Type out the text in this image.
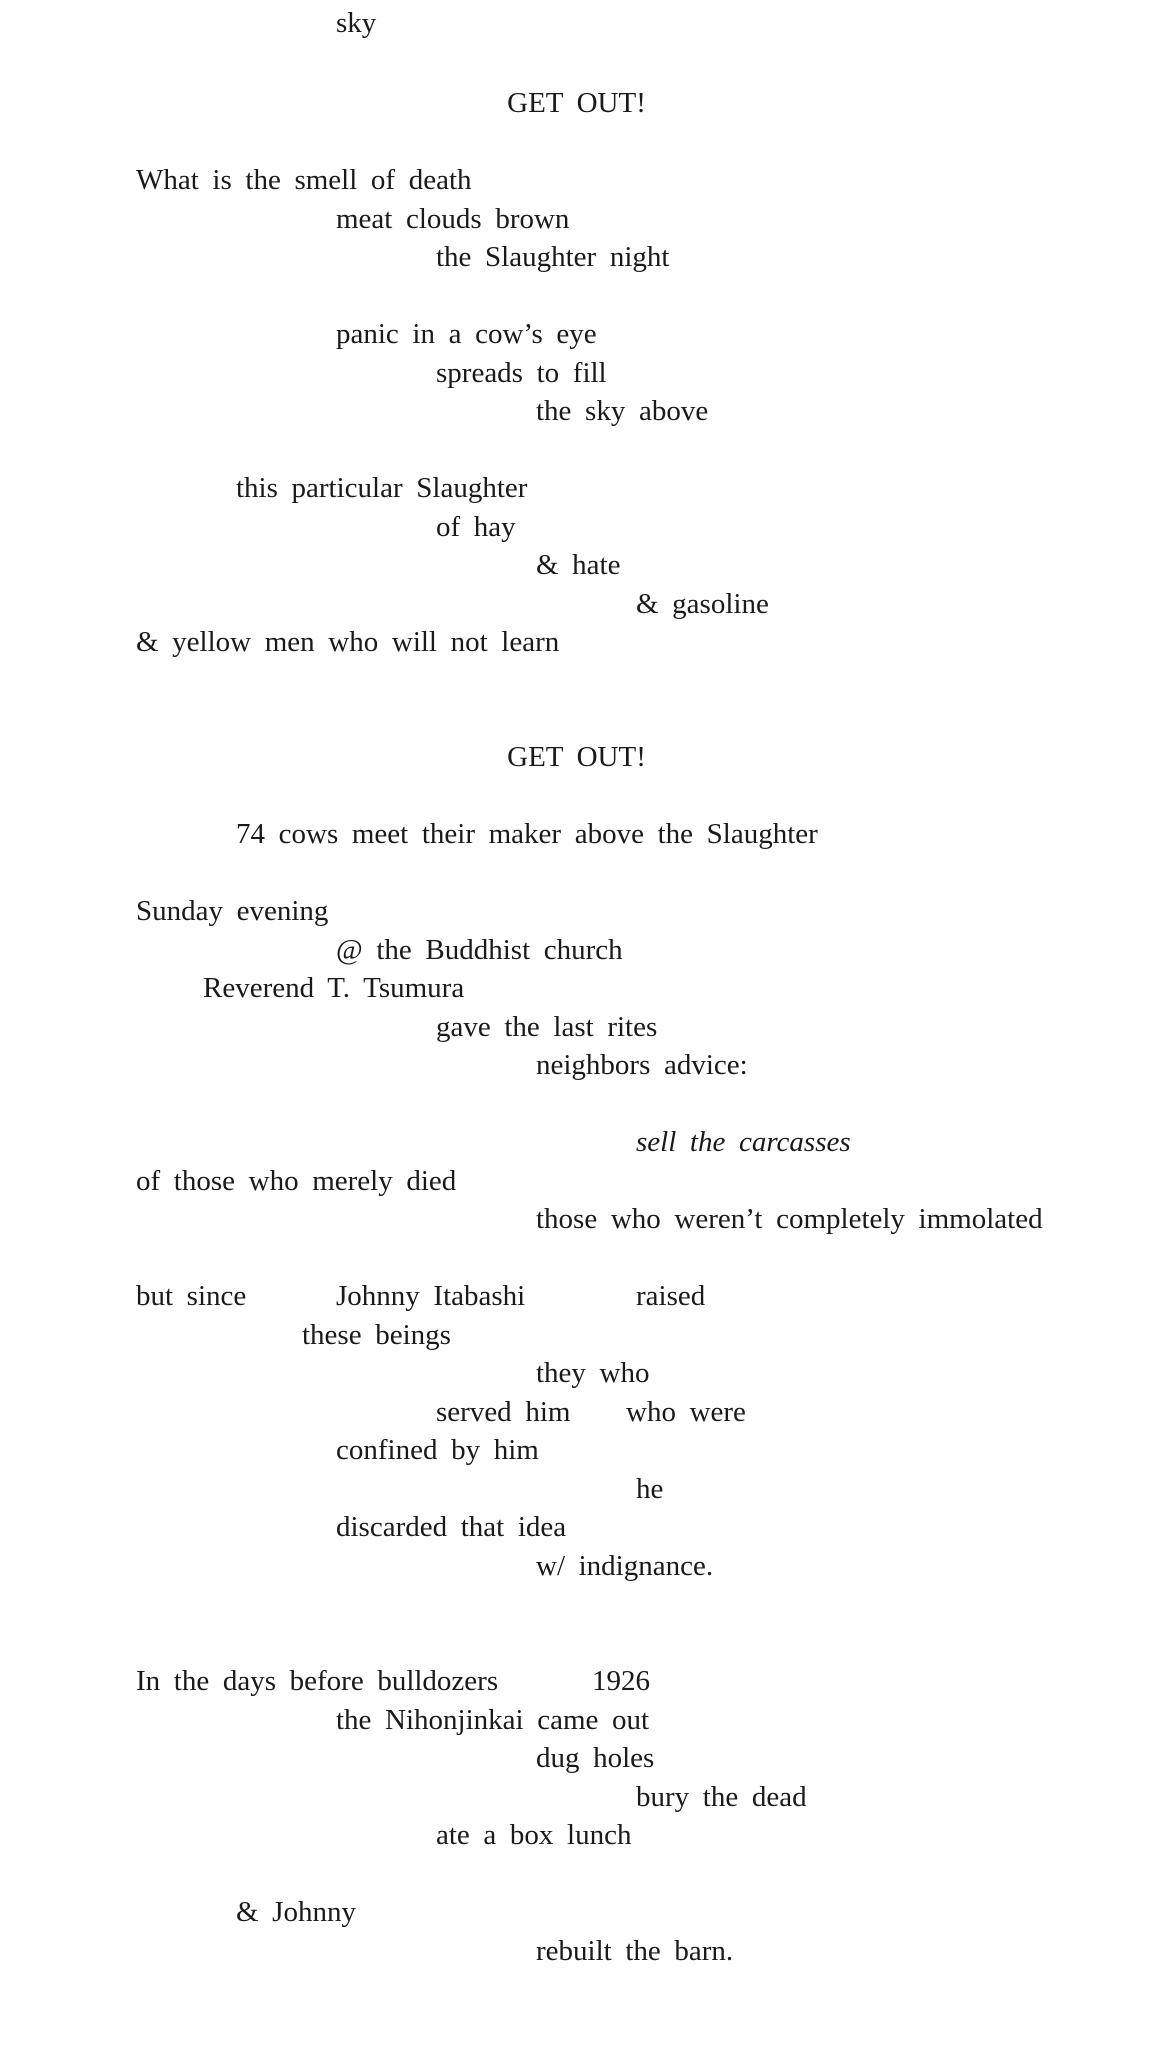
sky
GET OUT!
What is the smell of death
meat clouds brown
the Slaughter night
panic in a cow’s eye
spreads to fill
the sky above
this particular Slaughter
of hay
& hate
& gasoline
& yellow men who will not learn
GET OUT!
74 cows meet their maker above the Slaughter
Sunday evening
@ the Buddhist church
Reverend T. Tsumura
gave the last rites
neighbors advice:
sell the carcasses
of those who merely died
those who weren’t completely immolated
but since	Johnny Itabashi	raised
these beings
they who
served him who were
confined by him
he
discarded that idea
w/ indignance.
In the days before bulldozers	1926
the Nihonjinkai came out
dug holes
bury the dead
ate a box lunch
& Johnny
rebuilt the barn.
